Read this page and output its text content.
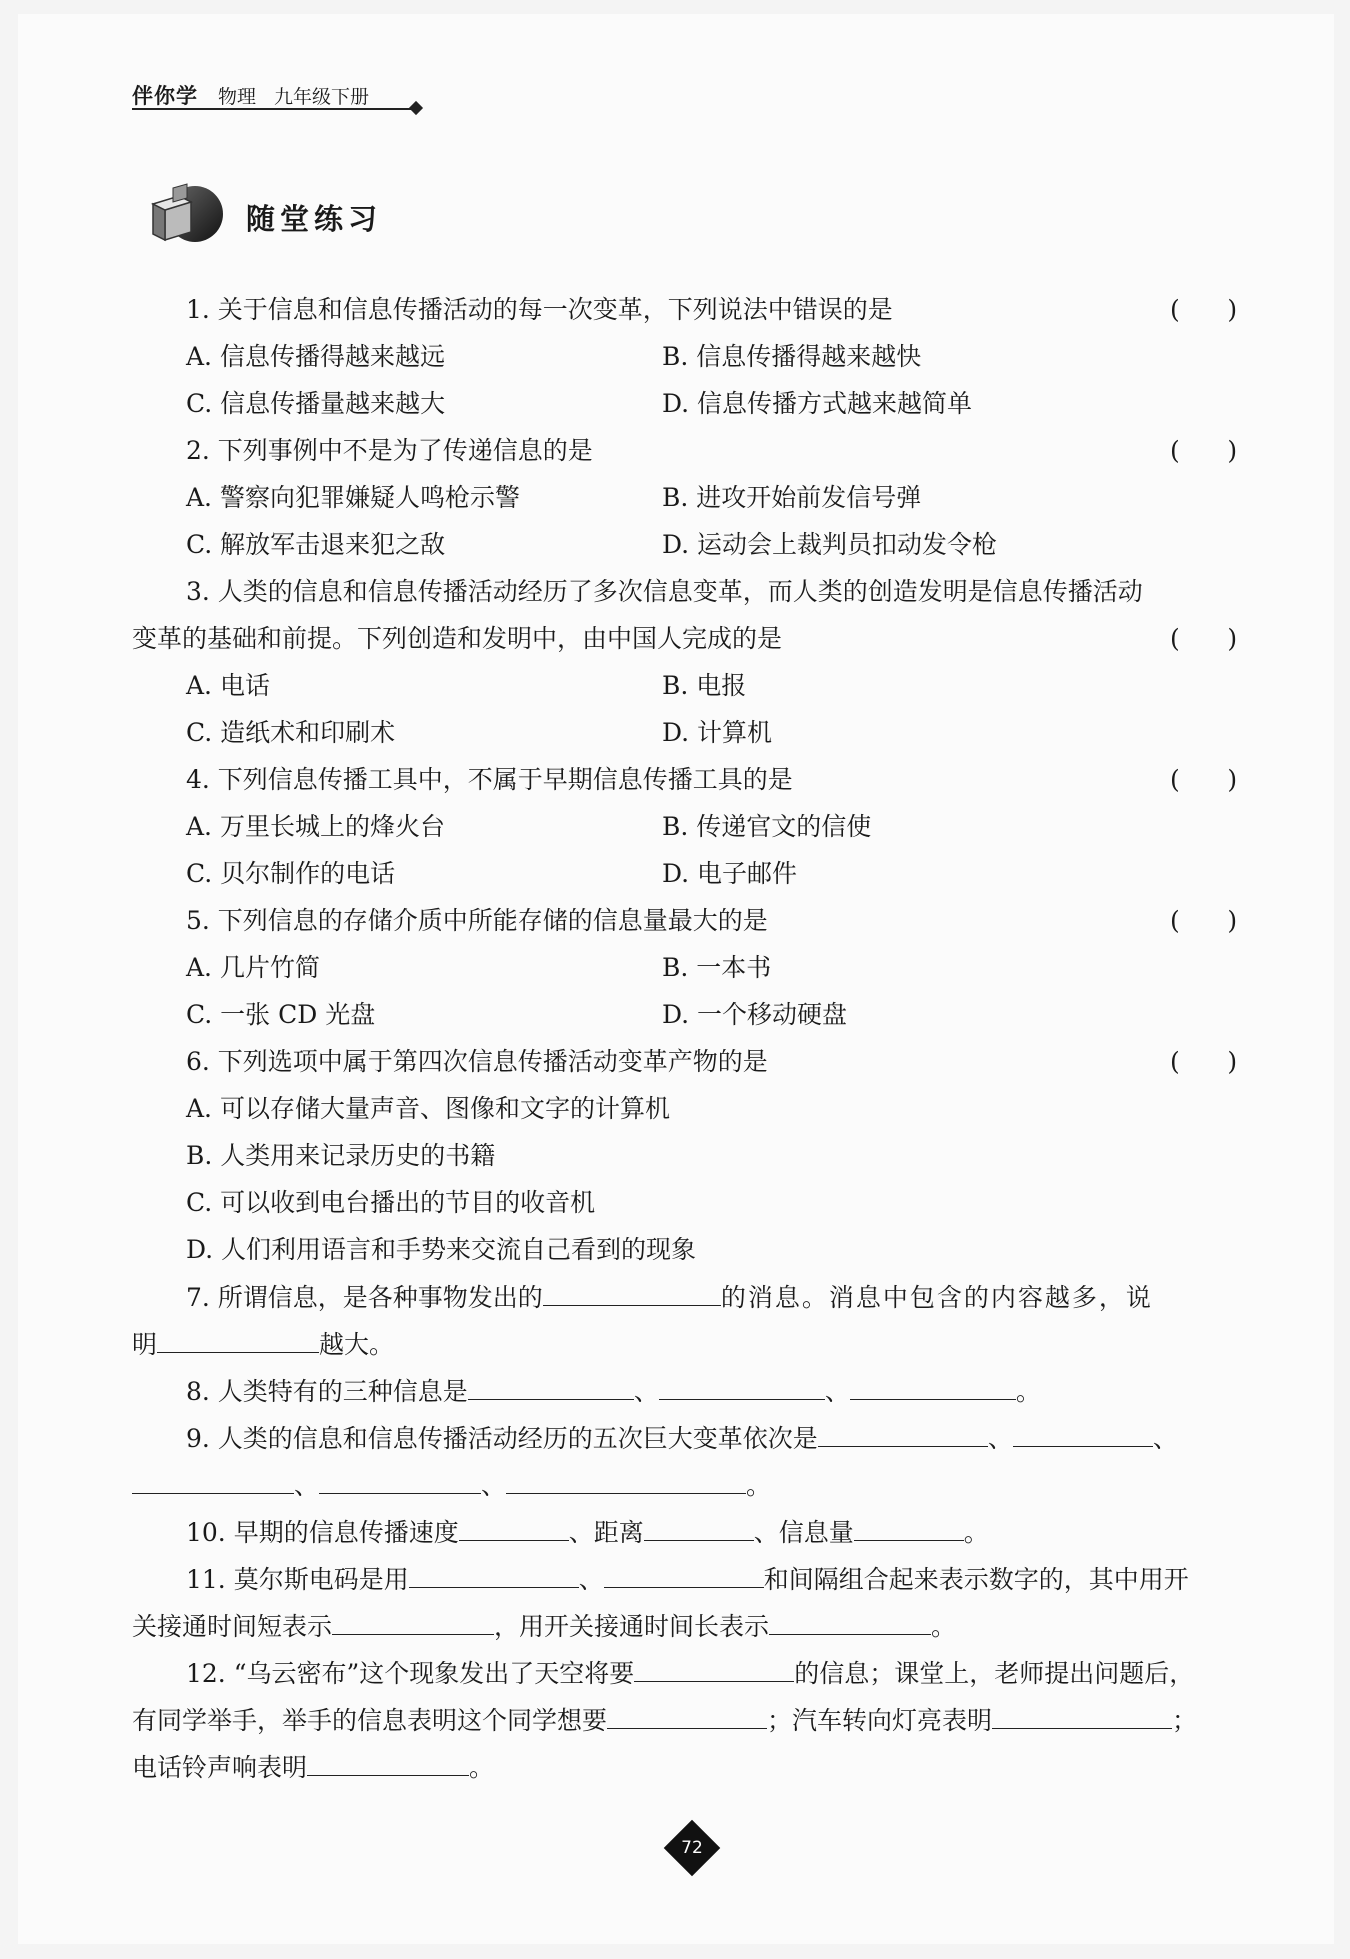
伴你学 物理 九年级下册
随堂练习
1. 关于信息和信息传播活动的每一次变革，下列说法中错误的是	(      )
A. 信息传播得越来越远	B. 信息传播得越来越快
C. 信息传播量越来越大	D. 信息传播方式越来越简单
2. 下列事例中不是为了传递信息的是	(      )
A. 警察向犯罪嫌疑人鸣枪示警	B. 进攻开始前发信号弹
C. 解放军击退来犯之敌	D. 运动会上裁判员扣动发令枪
3. 人类的信息和信息传播活动经历了多次信息变革，而人类的创造发明是信息传播活动
变革的基础和前提。下列创造和发明中，由中国人完成的是	(      )
A. 电话	B. 电报
C. 造纸术和印刷术	D. 计算机
4. 下列信息传播工具中，不属于早期信息传播工具的是	(      )
A. 万里长城上的烽火台	B. 传递官文的信使
C. 贝尔制作的电话	D. 电子邮件
5. 下列信息的存储介质中所能存储的信息量最大的是	(      )
A. 几片竹简	B. 一本书
C. 一张 CD 光盘	D. 一个移动硬盘
6. 下列选项中属于第四次信息传播活动变革产物的是	(      )
A. 可以存储大量声音、图像和文字的计算机
B. 人类用来记录历史的书籍
C. 可以收到电台播出的节目的收音机
D. 人们利用语言和手势来交流自己看到的现象
7. 所谓信息，是各种事物发出的	的消息。消息中包含的内容越多，说
明	越大。
8. 人类特有的三种信息是	、	、	。
9. 人类的信息和信息传播活动经历的五次巨大变革依次是	、	、
、	、	。
10. 早期的信息传播速度	、距离	、信息量	。
11. 莫尔斯电码是用	、	和间隔组合起来表示数字的，其中用开
关接通时间短表示	，用开关接通时间长表示	。
12. “乌云密布”这个现象发出了天空将要	的信息；课堂上，老师提出问题后，
有同学举手，举手的信息表明这个同学想要	；汽车转向灯亮表明	；
电话铃声响表明	。
72
